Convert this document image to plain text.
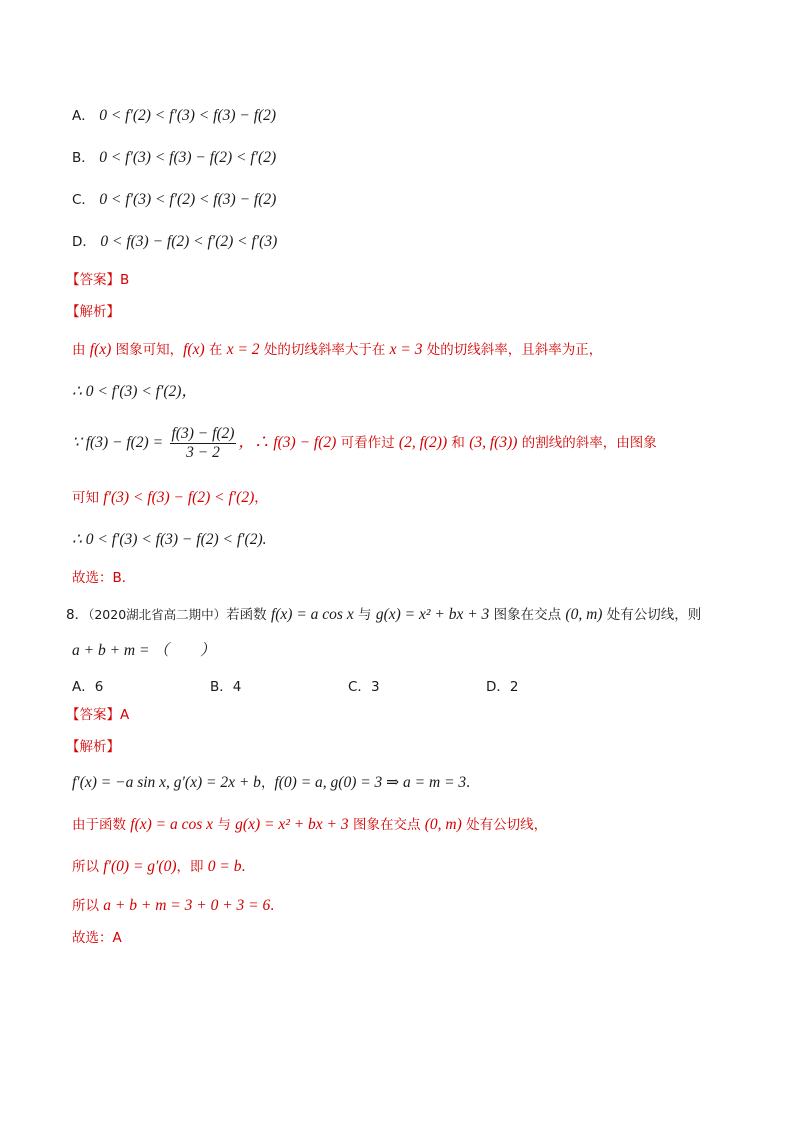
A． 0 < f′(2) < f′(3) < f(3) − f(2)
B． 0 < f′(3) < f(3) − f(2) < f′(2)
C． 0 < f′(3) < f′(2) < f(3) − f(2)
D． 0 < f(3) − f(2) < f′(2) < f′(3)
【答案】B
【解析】
由 f(x) 图象可知，f(x) 在 x = 2 处的切线斜率大于在 x = 3 处的切线斜率，且斜率为正，
∴ 0 < f′(3) < f′(2)，
∵ $f(3) - f(2) = \frac{f(3) - f(2)}{3 - 2}$ ，∴ f(3) − f(2) 可看作过 (2, f(2)) 和 (3, f(3)) 的割线的斜率，由图象
可知 f′(3) < f(3) − f(2) < f′(2)，
∴ 0 < f′(3) < f(3) − f(2) < f′(2).
故选：B．
8．（2020湖北省高二期中）若函数 f(x) = a cos x 与 g(x) = x² + bx + 3 图象在交点 (0, m) 处有公切线，则
a + b + m = （　　）
A．6	B．4	C．3	D．2
【答案】A
【解析】
f′(x) = −a sin x, g′(x) = 2x + b，f(0) = a, g(0) = 3 ⇒ a = m = 3.
由于函数 f(x) = a cos x 与 g(x) = x² + bx + 3 图象在交点 (0, m) 处有公切线，
所以 f′(0) = g′(0)，即 0 = b.
所以 a + b + m = 3 + 0 + 3 = 6.
故选：A
